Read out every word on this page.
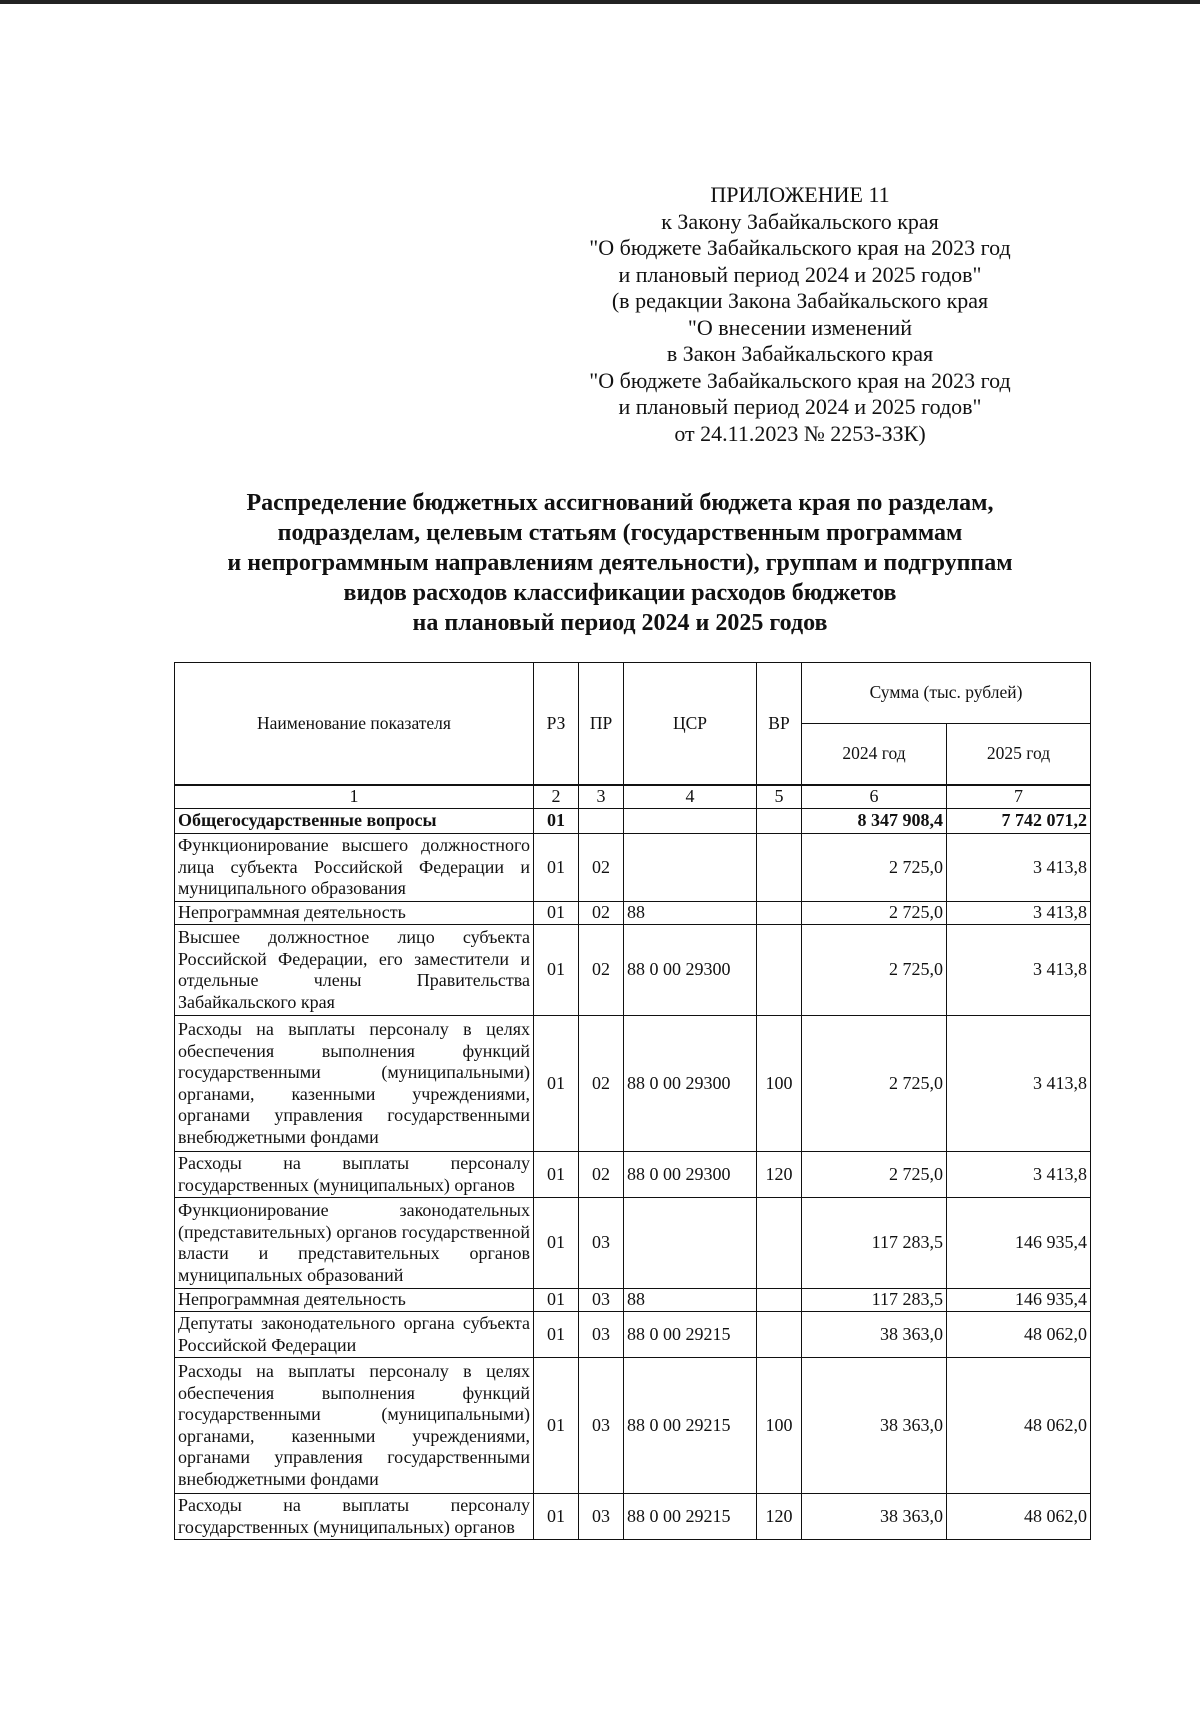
ПРИЛОЖЕНИЕ 11
к Закону Забайкальского края
"О бюджете Забайкальского края на 2023 год
и плановый период 2024 и 2025 годов"
(в редакции Закона Забайкальского края
"О внесении изменений
в Закон Забайкальского края
"О бюджете Забайкальского края на 2023 год
и плановый период 2024 и 2025 годов"
от 24.11.2023 № 2253-ЗЗК)
Распределение бюджетных ассигнований бюджета края по разделам,
подразделам, целевым статьям (государственным программам
и непрограммным направлениям деятельности), группам и подгруппам
видов расходов классификации расходов бюджетов
на плановый период 2024 и 2025 годов
Наименование показателя	РЗ	ПР	ЦСР	ВР	Сумма (тыс. рублей)	
					2024 год	2025 год

1	2	3	4	5	6	7
Общегосударственные вопросы	01				8 347 908,4	7 742 071,2
Функционирование высшего должностного лица субъекта Российской Федерации и муниципального образования	01	02			2 725,0	3 413,8
Непрограммная деятельность	01	02	88		2 725,0	3 413,8
Высшее должностное лицо субъекта Российской Федерации, его заместители и отдельные члены Правительства Забайкальского края	01	02	88 0 00 29300		2 725,0	3 413,8
Расходы на выплаты персоналу в целях обеспечения выполнения функций государственными (муниципальными) органами, казенными учреждениями, органами управления государственными внебюджетными фондами	01	02	88 0 00 29300	100	2 725,0	3 413,8
Расходы на выплаты персоналу государственных (муниципальных) органов	01	02	88 0 00 29300	120	2 725,0	3 413,8
Функционирование законодательных (представительных) органов государственной власти и представительных органов муниципальных образований	01	03			117 283,5	146 935,4
Непрограммная деятельность	01	03	88		117 283,5	146 935,4
Депутаты законодательного органа субъекта Российской Федерации	01	03	88 0 00 29215		38 363,0	48 062,0
Расходы на выплаты персоналу в целях обеспечения выполнения функций государственными (муниципальными) органами, казенными учреждениями, органами управления государственными внебюджетными фондами	01	03	88 0 00 29215	100	38 363,0	48 062,0
Расходы на выплаты персоналу государственных (муниципальных) органов	01	03	88 0 00 29215	120	38 363,0	48 062,0
